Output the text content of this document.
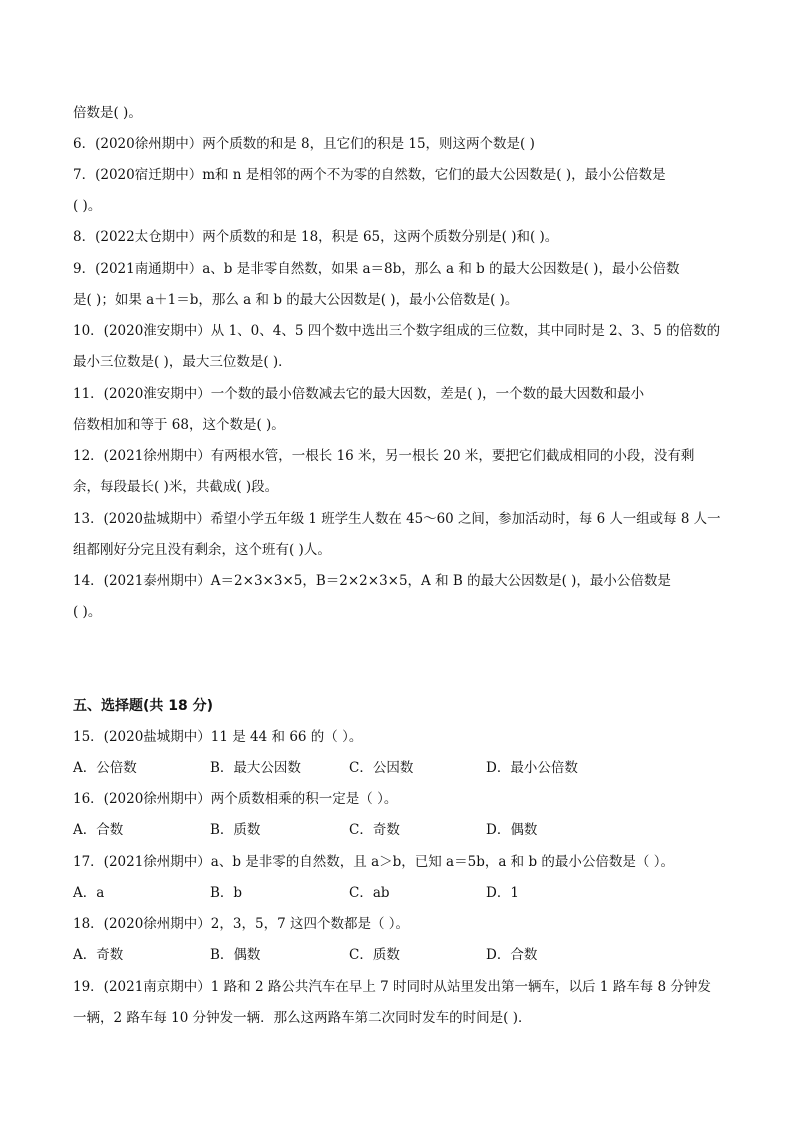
倍数是( )。
6．(2020徐州期中）两个质数的和是 8，且它们的积是 15，则这两个数是( )
7．(2020宿迁期中）m和 n 是相邻的两个不为零的自然数，它们的最大公因数是( )，最小公倍数是
( )。
8．(2022太仓期中）两个质数的和是 18，积是 65，这两个质数分别是( )和( )。
9．(2021南通期中）a、b 是非零自然数，如果 a＝8b，那么 a 和 b 的最大公因数是( )，最小公倍数
是( )；如果 a＋1＝b，那么 a 和 b 的最大公因数是( )，最小公倍数是( )。
10．(2020淮安期中）从 1、0、4、5 四个数中选出三个数字组成的三位数，其中同时是 2、3、5 的倍数的
最小三位数是( )，最大三位数是( )．
11．(2020淮安期中）一个数的最小倍数减去它的最大因数，差是( )，一个数的最大因数和最小
倍数相加和等于 68，这个数是( )。
12．(2021徐州期中）有两根水管，一根长 16 米，另一根长 20 米，要把它们截成相同的小段，没有剩
余，每段最长( )米，共截成( )段。
13．(2020盐城期中）希望小学五年级 1 班学生人数在 45～60 之间，参加活动时，每 6 人一组或每 8 人一
组都刚好分完且没有剩余，这个班有( )人。
14．(2021泰州期中）A＝2×3×3×5，B＝2×2×3×5，A 和 B 的最大公因数是( )，最小公倍数是
( )。
五、选择题(共 18 分)
15．(2020盐城期中）11 是 44 和 66 的（ ）。
A．公倍数	B．最大公因数	C．公因数	D．最小公倍数
16．(2020徐州期中）两个质数相乘的积一定是（ ）。
A．合数	B．质数	C．奇数	D．偶数
17．(2021徐州期中）a、b 是非零的自然数，且 a＞b，已知 a＝5b，a 和 b 的最小公倍数是（ ）。
A．a	B．b	C．ab	D．1
18．(2020徐州期中）2，3，5，7 这四个数都是（ ）。
A．奇数	B．偶数	C．质数	D．合数
19．(2021南京期中）1 路和 2 路公共汽车在早上 7 时同时从站里发出第一辆车，以后 1 路车每 8 分钟发
一辆，2 路车每 10 分钟发一辆．那么这两路车第二次同时发车的时间是( )．
